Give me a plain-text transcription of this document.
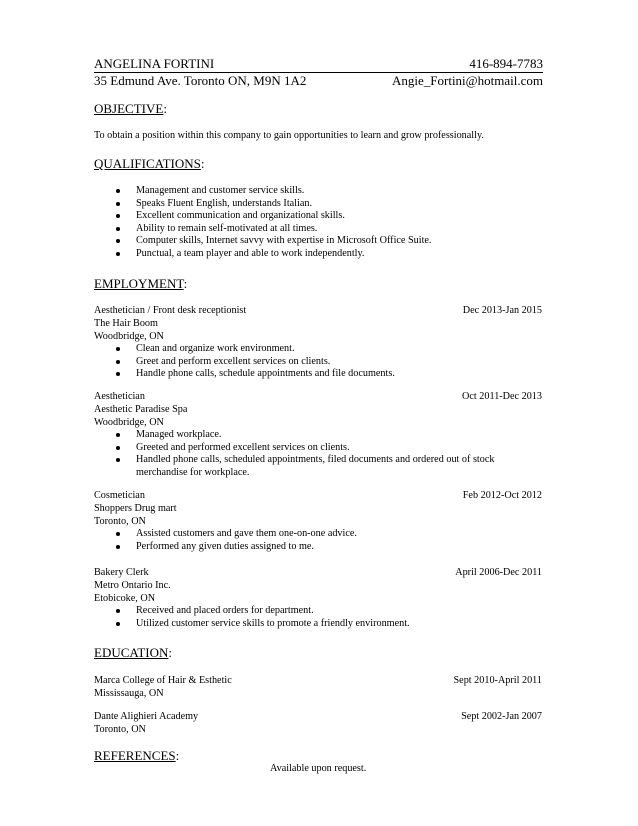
ANGELINA FORTINI	416-894-7783
35 Edmund Ave. Toronto ON, M9N 1A2	Angie_Fortini@hotmail.com
OBJECTIVE:
To obtain a position within this company to gain opportunities to learn and grow professionally.
QUALIFICATIONS:
Management and customer service skills.
Speaks Fluent English, understands Italian.
Excellent communication and organizational skills.
Ability to remain self-motivated at all times.
Computer skills, Internet savvy with expertise in Microsoft Office Suite.
Punctual, a team player and able to work independently.
EMPLOYMENT:
Aesthetician / Front desk receptionist	Dec 2013-Jan 2015
The Hair Boom
Woodbridge, ON
Clean and organize work environment.
Greet and perform excellent services on clients.
Handle phone calls, schedule appointments and file documents.
Aesthetician	Oct 2011-Dec 2013
Aesthetic Paradise Spa
Woodbridge, ON
Managed workplace.
Greeted and performed excellent services on clients.
Handled phone calls, scheduled appointments, filed documents and ordered out of stock merchandise for workplace.
Cosmetician	Feb 2012-Oct 2012
Shoppers Drug mart
Toronto, ON
Assisted customers and gave them one-on-one advice.
Performed any given duties assigned to me.
Bakery Clerk	April 2006-Dec 2011
Metro Ontario Inc.
Etobicoke, ON
Received and placed orders for department.
Utilized customer service skills to promote a friendly environment.
EDUCATION:
Marca College of Hair & Esthetic	Sept 2010-April 2011
Mississauga, ON
Dante Alighieri Academy	Sept 2002-Jan 2007
Toronto, ON
REFERENCES:
Available upon request.
